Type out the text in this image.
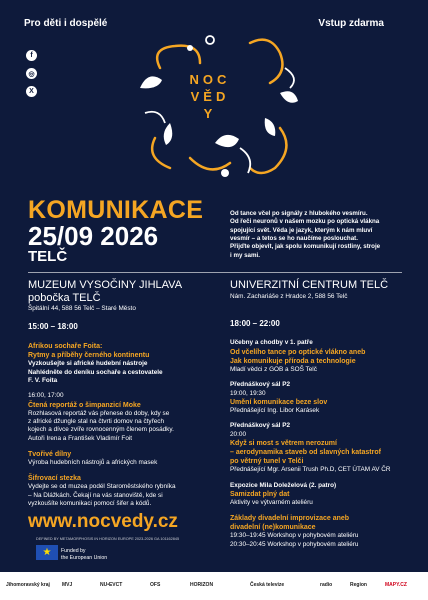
Pro děti i dospělé	Vstup zdarma
f
◎
X
NOC
VĚD
Y
KOMUNIKACE
25/09 2026
TELČ
Od tance včel po signály z hlubokého vesmíru.
Od řeči neuronů v našem mozku po optická vlákna
spojující svět. Věda je jazyk, kterým k nám mluví
vesmír – a tetos se ho naučíme poslouchat.
Přijďte objevit, jak spolu komunikují rostliny, stroje
i my sami.
MUZEUM VYSOČINY JIHLAVA
pobočka TELČ
Špitální 44, 588 56 Telč – Staré Město
15:00 – 18:00
Afrikou sochaře Foita:
Rytmy a příběhy černého kontinentu
Vyzkoušejte si africké hudební nástroje
Nahlédněte do deníku sochaře a cestovatele
F. V. Foita
16:00, 17:00
Čtená reportáž o šimpanzicí Moke
Rozhlasová reportáž vás přenese do doby, kdy se
z africké džungle stal na čtvrti domov na čtyřech
kojech a dívce zvíře rovnocenným členem posádky.
Autoři Irena a František Vladimír Foit
Tvořivé dílny
Výroba hudebních nástrojů a afrických masek
Šifrovací stezka
Vydejte se od muzea podél Staroměstského rybníka
– Na Dlážkách. Čekají na vás stanoviště, kde si
vyzkoušíte komunikaci pomocí šifer a kódů.
UNIVERZITNÍ CENTRUM TELČ
Nám. Zachariáše z Hradce 2, 588 56 Telč
18:00 – 22:00
Učebny a chodby v 1. patře
Od včelího tance po optické vlákno aneb
Jak komunikuje příroda a technologie
Mladí vědci z GOB a SOŠ Telč
Přednáškový sál P2
19:00, 19:30
Umění komunikace beze slov
Přednášející Ing. Libor Karásek
Přednáškový sál P2
20:00
Když si most s větrem nerozumí
– aerodynamika staveb od slavných katastrof
po větrný tunel v Telči
Přednášející Mgr. Arsenii Trush Ph.D, CET ÚTAM AV ČR
Expozice Mila Doleželová (2. patro)
Samizdat plný dat
Aktivity ve výtvarném ateliéru
Základy divadelní improvizace aneb
divadelní (ne)komunikace
19:30–19:45 Workshop v pohybovém ateliéru
20:30–20:45 Workshop v pohybovém ateliéru
www.nocvedy.cz
DEFINED BY METAMORPHOSIS IN HORIZON EUROPE 2023-2026 GA 101162845
★	Funded by
the European Union
Jihomoravský kraj MVJ	NU•EVCT	OFS	HORIZON	Česká televize	radio	Region	MAPY.CZ
